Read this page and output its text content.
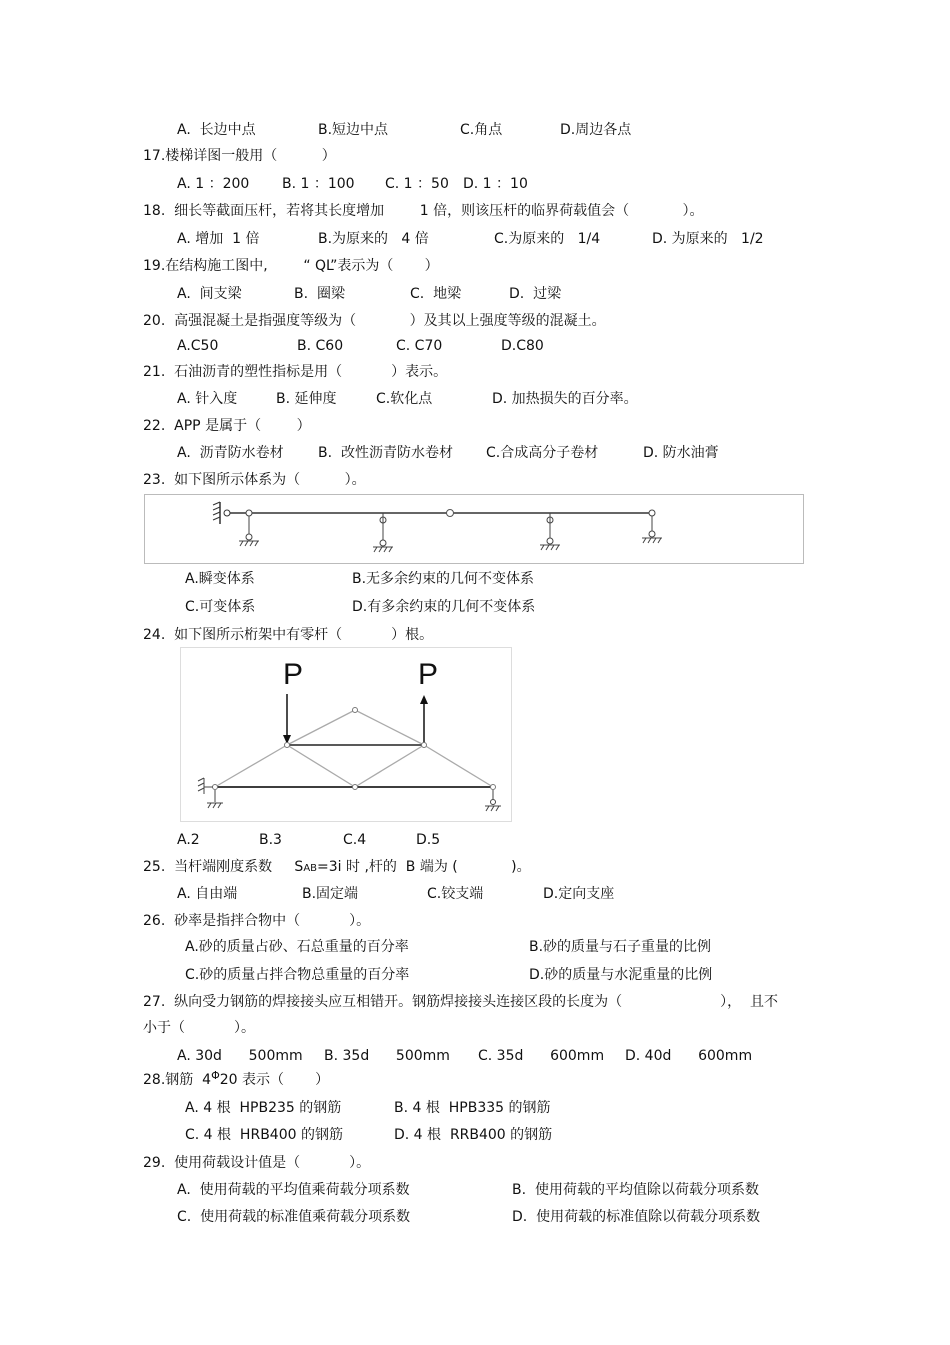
A.  长边中点	B.短边中点	C.角点	D.周边各点
17.楼梯详图一般用（          ）
A. 1 ：200 B. 1 ：100 C. 1 ：50 D. 1 ：10
18.  细长等截面压杆，若将其长度增加        1 倍，则该压杆的临界荷载值会（            ）。
A. 增加  1 倍	B.为原来的   4 倍	C.为原来的   1/4	D. 为原来的   1/2
19.在结构施工图中,        “ QL”表示为（       ）
A.  间支梁	B.  圈梁	C.  地梁	D.  过梁
20.  高强混凝土是指强度等级为（            ）及其以上强度等级的混凝土。
A.C50	B. C60	C. C70	D.C80
21.  石油沥青的塑性指标是用（           ）表示。
A. 针入度	B. 延伸度	C.软化点	D. 加热损失的百分率。
22.  APP 是属于（        ）
A.  沥青防水卷材 B.  改性沥青防水卷材 C.合成高分子卷材	D. 防水油膏
23.  如下图所示体系为（          ）。
A.瞬变体系	B.无多余约束的几何不变体系
C.可变体系	D.有多余约束的几何不变体系
24.  如下图所示桁架中有零杆（           ）根。
P	P
A.2	B.3	C.4	D.5
25.  当杆端刚度系数     SAB=3i 时 ,杆的  B 端为 (            )。
A. 自由端	B.固定端	C.铰支端	D.定向支座
26.  砂率是指拌合物中（           ）。
A.砂的质量占砂、石总重量的百分率	B.砂的质量与石子重量的比例
C.砂的质量占拌合物总重量的百分率	D.砂的质量与水泥重量的比例
27.  纵向受力钢筋的焊接接头应互相错开。钢筋焊接接头连接区段的长度为（                      ），  且不
小于（           ）。
A. 30d      500mm B. 35d      500mm C. 35d      600mm D. 40d      600mm
28.钢筋  $4^\Phi 20$ 表示（       ）
A. 4 根  HPB235 的钢筋	B. 4 根  HPB335 的钢筋
C. 4 根  HRB400 的钢筋	D. 4 根  RRB400 的钢筋
29.  使用荷载设计值是（           ）。
A.  使用荷载的平均值乘荷载分项系数	B.  使用荷载的平均值除以荷载分项系数
C.  使用荷载的标准值乘荷载分项系数	D.  使用荷载的标准值除以荷载分项系数
